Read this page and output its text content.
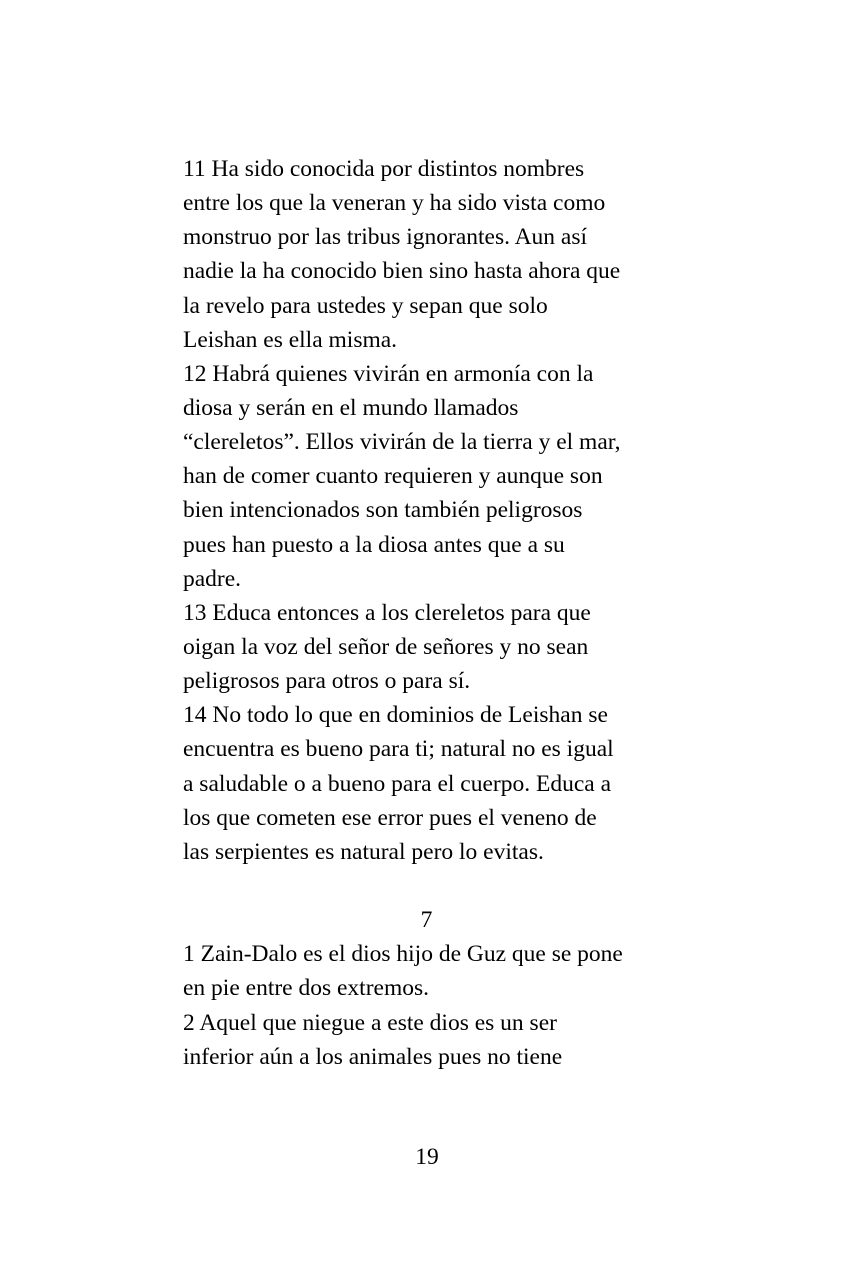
11 Ha sido conocida por distintos nombres
entre los que la veneran y ha sido vista como
monstruo por las tribus ignorantes. Aun así
nadie la ha conocido bien sino hasta ahora que
la revelo para ustedes y sepan que solo
Leishan es ella misma.
12 Habrá quienes vivirán en armonía con la
diosa y serán en el mundo llamados
“clereletos”. Ellos vivirán de la tierra y el mar,
han de comer cuanto requieren y aunque son
bien intencionados son también peligrosos
pues han puesto a la diosa antes que a su
padre.
13 Educa entonces a los clereletos para que
oigan la voz del señor de señores y no sean
peligrosos para otros o para sí.
14 No todo lo que en dominios de Leishan se
encuentra es bueno para ti; natural no es igual
a saludable o a bueno para el cuerpo. Educa a
los que cometen ese error pues el veneno de
las serpientes es natural pero lo evitas.
7
1 Zain-Dalo es el dios hijo de Guz que se pone
en pie entre dos extremos.
2 Aquel que niegue a este dios es un ser
inferior aún a los animales pues no tiene
19
